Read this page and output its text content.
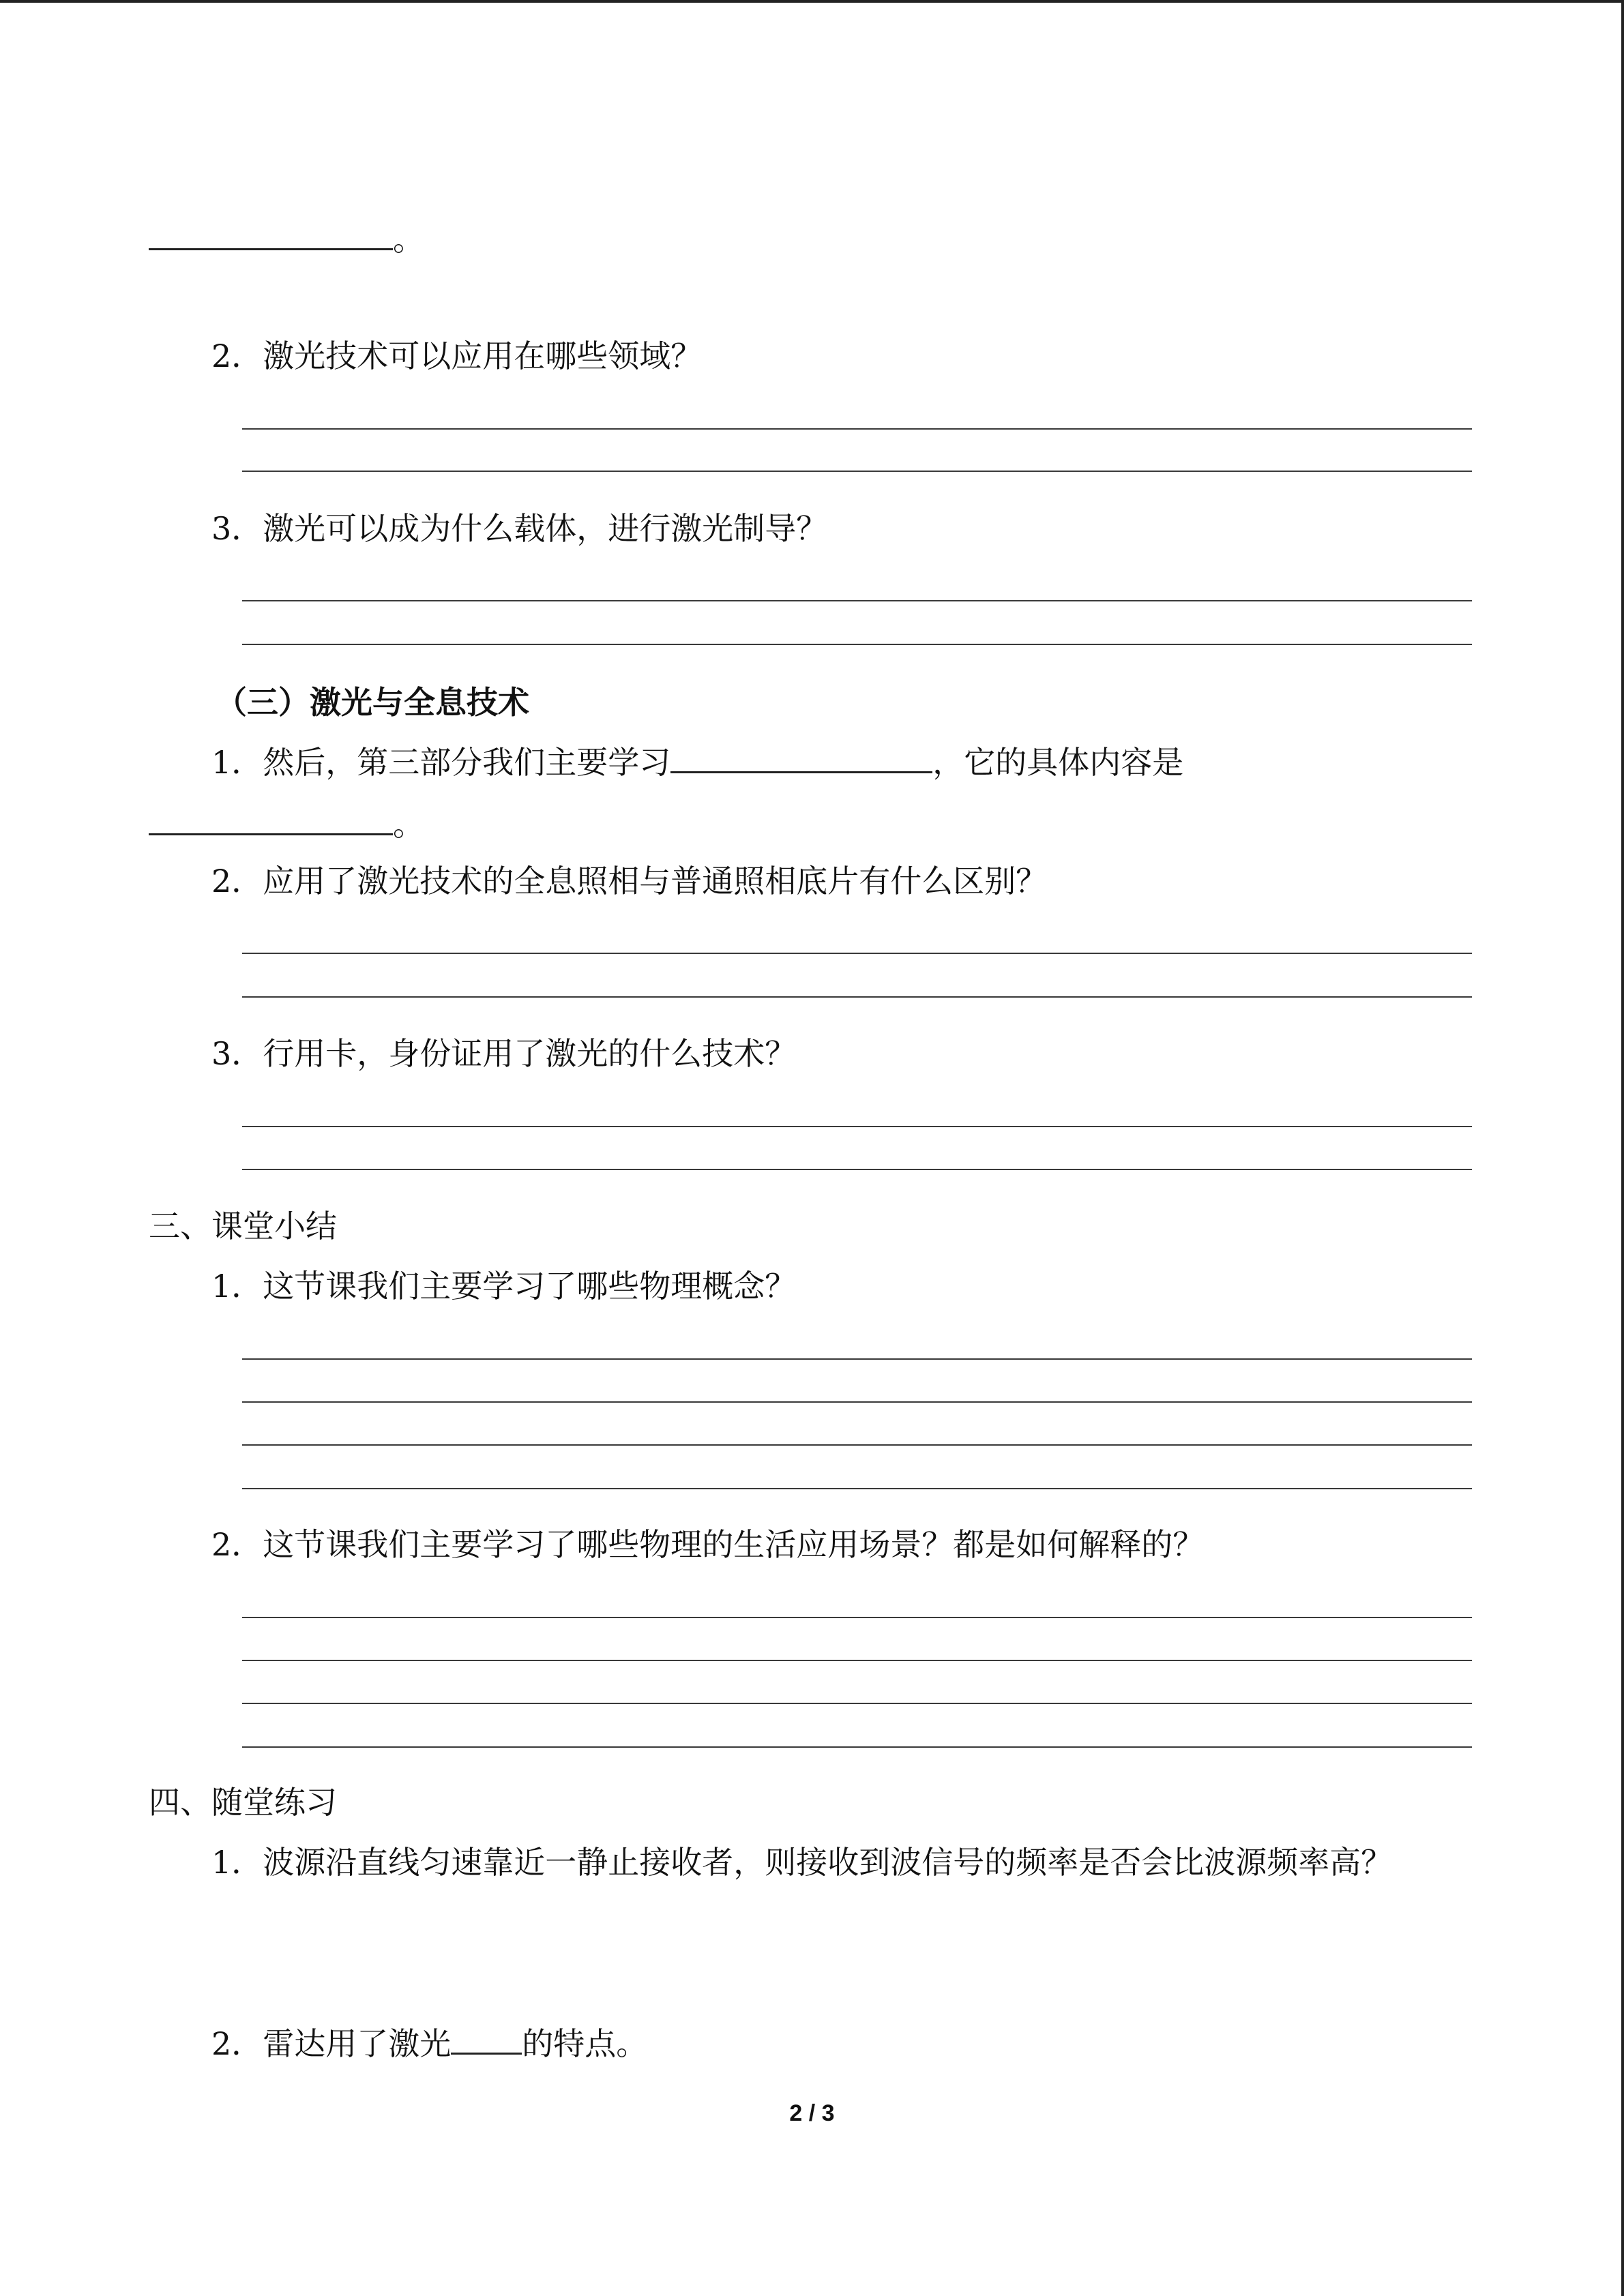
。
2．激光技术可以应用在哪些领域？
3．激光可以成为什么载体，进行激光制导？
（三）激光与全息技术
1．然后，第三部分我们主要学习	，它的具体内容是
。
2．应用了激光技术的全息照相与普通照相底片有什么区别？
3．行用卡，身份证用了激光的什么技术？
三、课堂小结
1．这节课我们主要学习了哪些物理概念？
2．这节课我们主要学习了哪些物理的生活应用场景？都是如何解释的？
四、随堂练习
1．波源沿直线匀速靠近一静止接收者，则接收到波信号的频率是否会比波源频率高？
2．雷达用了激光 的特点。
2 / 3
